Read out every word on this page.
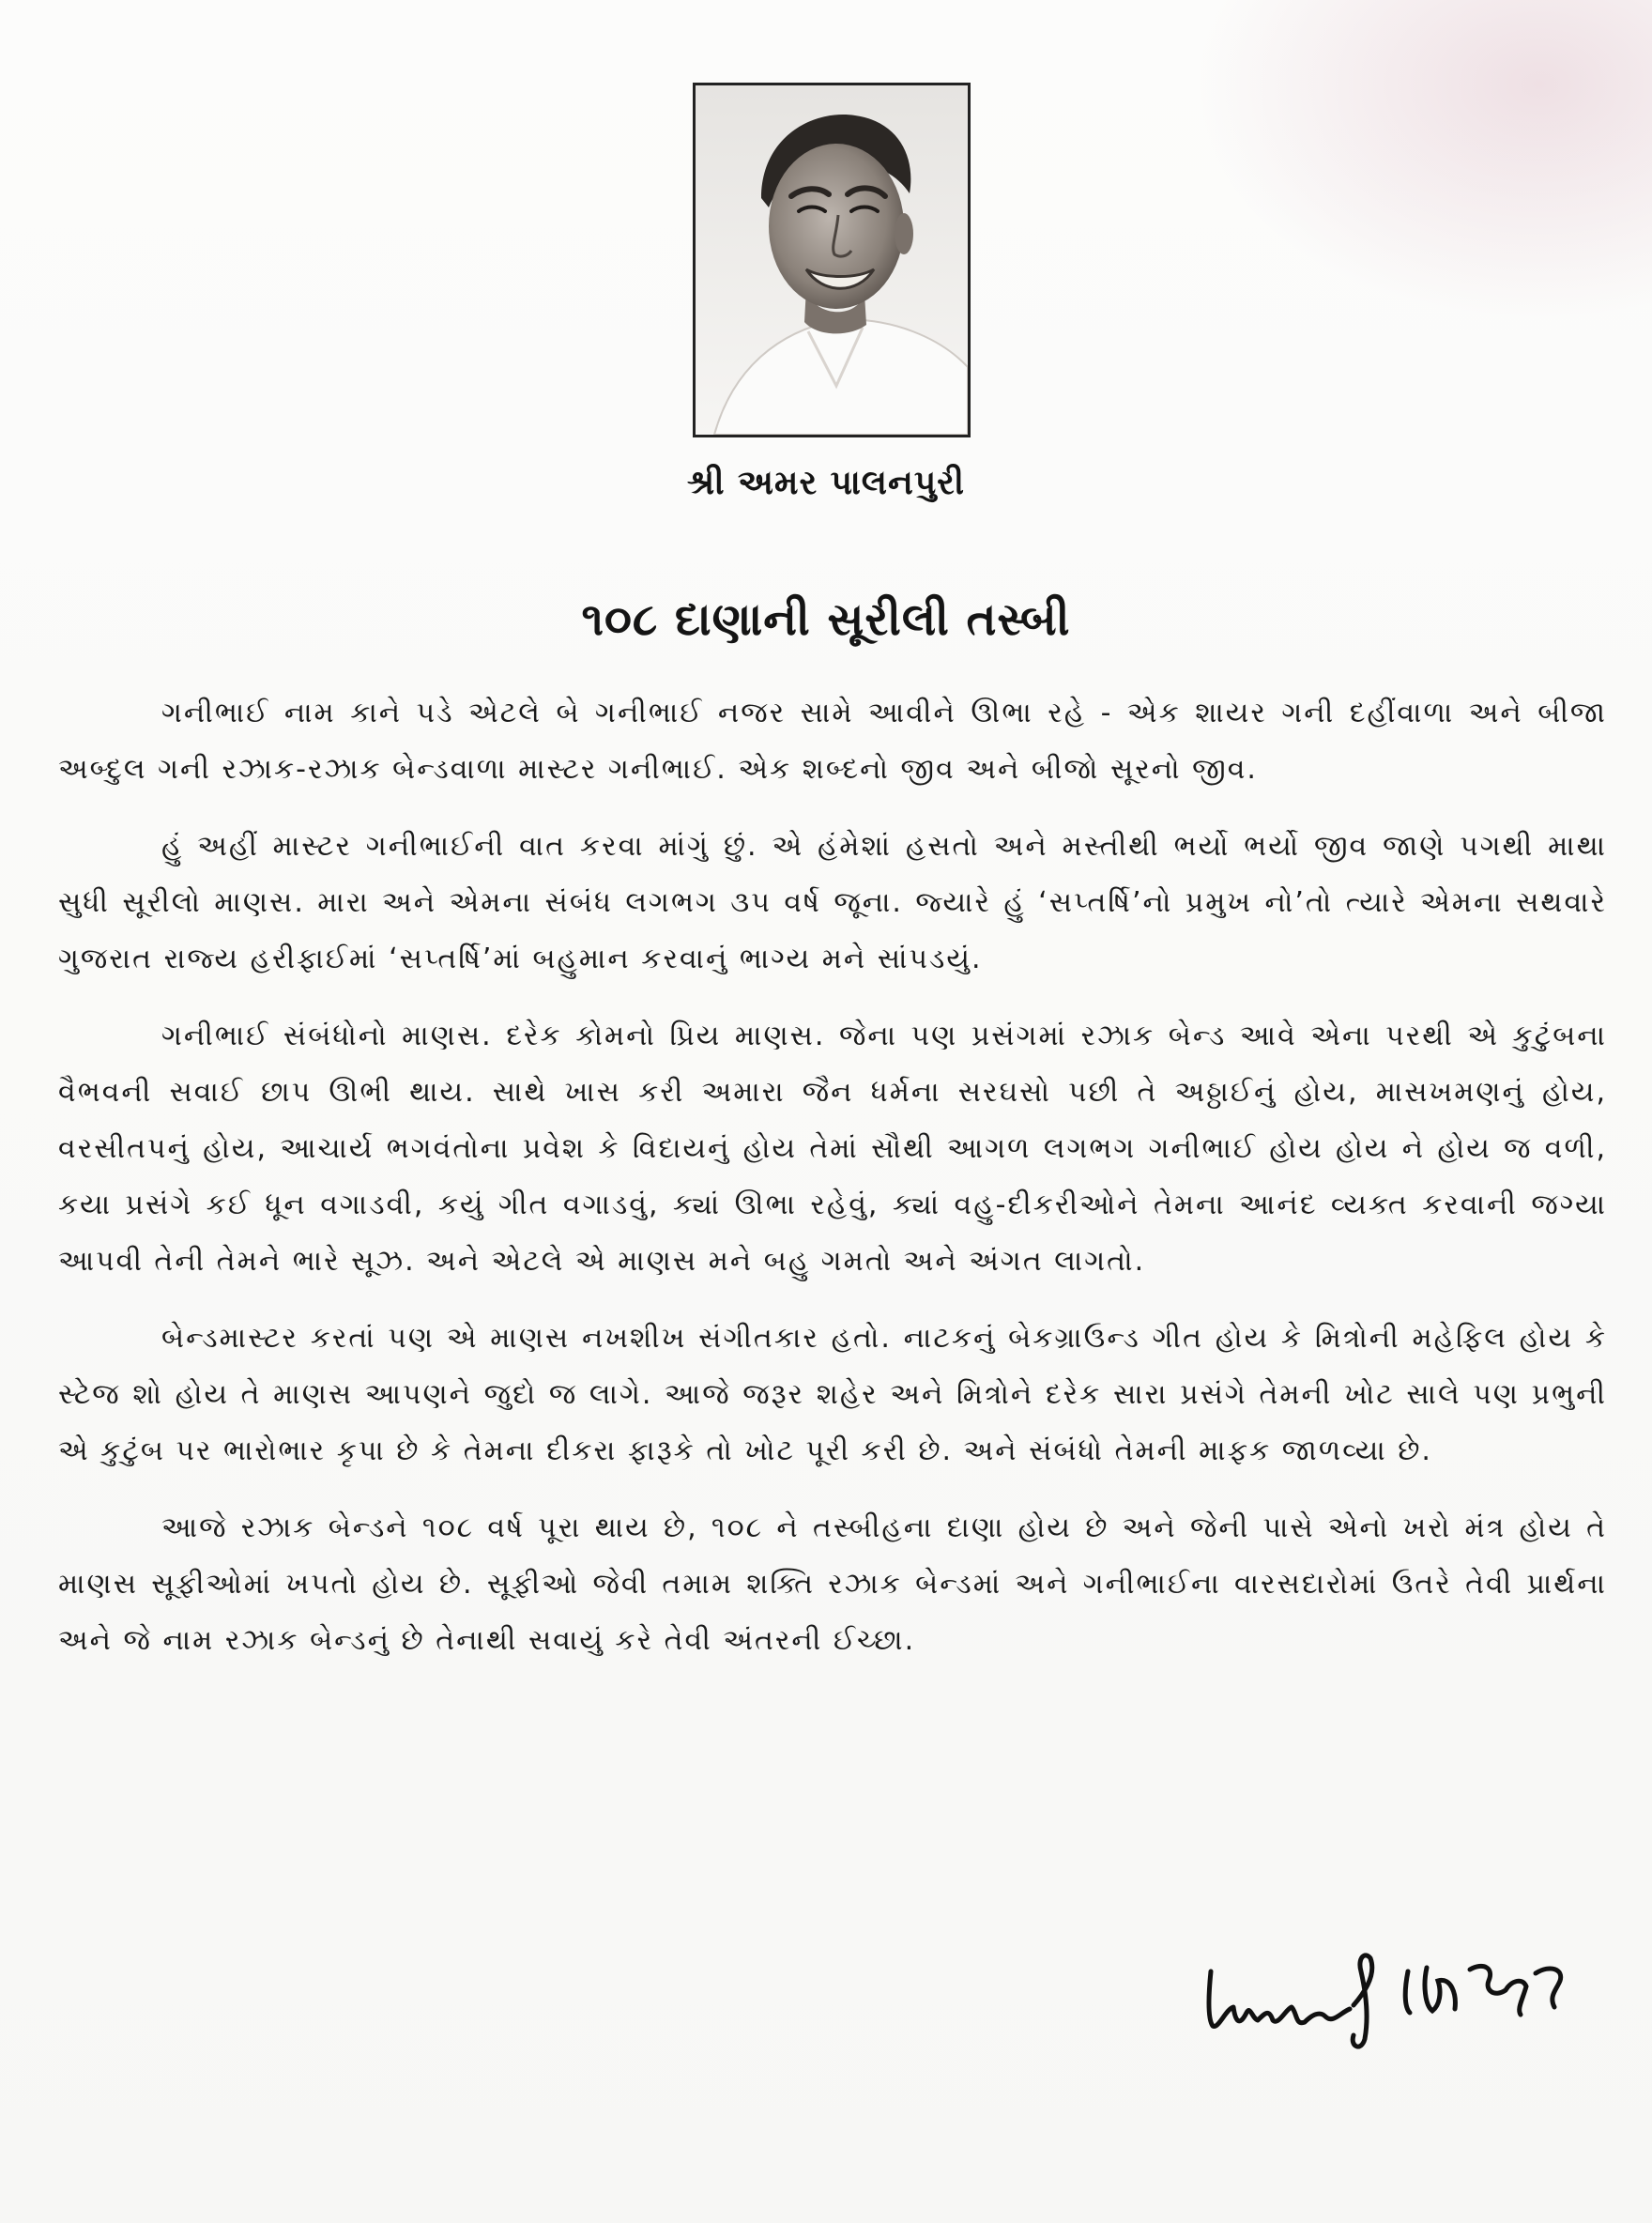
શ્રી અમર પાલનપુરી
૧૦૮ દાણાની સૂરીલી તસ્બી

ગનીભાઈ નામ કાને પડે એટલે બે ગનીભાઈ નજર સામે આવીને ઊભા રહે - એક શાયર ગની દહીંવાળા અને બીજા અબ્દુલ ગની રઝાક-રઝાક બેન્ડવાળા માસ્ટર ગનીભાઈ. એક શબ્દનો જીવ અને બીજો સૂરનો જીવ.

હું અહીં માસ્ટર ગનીભાઈની વાત કરવા માંગું છું. એ હંમેશાં હસતો અને મસ્તીથી ભર્યો ભર્યો જીવ જાણે પગથી માથા સુધી સૂરીલો માણસ. મારા અને એમના સંબંધ લગભગ ૩૫ વર્ષ જૂના. જ્યારે હું ‘સપ્તર્ષિ’નો પ્રમુખ નો’તો ત્યારે એમના સથવારે ગુજરાત રાજ્ય હરીફાઈમાં ‘સપ્તર્ષિ’માં બહુમાન કરવાનું ભાગ્ય મને સાંપડયું.

ગનીભાઈ સંબંધોનો માણસ. દરેક કોમનો પ્રિય માણસ. જેના પણ પ્રસંગમાં રઝાક બેન્ડ આવે એના પરથી એ કુટુંબના વૈભવની સવાઈ છાપ ઊભી થાય. સાથે ખાસ કરી અમારા જૈન ધર્મના સરઘસો પછી તે અઠ્ઠાઈનું હોય, માસખમણનું હોય, વરસીતપનું હોય, આચાર્ય ભગવંતોના પ્રવેશ કે વિદાયનું હોય તેમાં સૌથી આગળ લગભગ ગનીભાઈ હોય હોય ને હોય જ વળી, કયા પ્રસંગે કઈ ધૂન વગાડવી, કયું ગીત વગાડવું, ક્યાં ઊભા રહેવું, ક્યાં વહુ-દીકરીઓને તેમના આનંદ વ્યક્ત કરવાની જગ્યા આપવી તેની તેમને ભારે સૂઝ. અને એટલે એ માણસ મને બહુ ગમતો અને અંગત લાગતો.

બેન્ડમાસ્ટર કરતાં પણ એ માણસ નખશીખ સંગીતકાર હતો. નાટકનું બેકગ્રાઉન્ડ ગીત હોય કે મિત્રોની મહેફિલ હોય કે સ્ટેજ શો હોય તે માણસ આપણને જુદો જ લાગે. આજે જરૂર શહેર અને મિત્રોને દરેક સારા પ્રસંગે તેમની ખોટ સાલે પણ પ્રભુની એ કુટુંબ પર ભારોભાર કૃપા છે કે તેમના દીકરા ફારૂકે તો ખોટ પૂરી કરી છે. અને સંબંધો તેમની માફક જાળવ્યા છે.

આજે રઝાક બેન્ડને ૧૦૮ વર્ષ પૂરા થાય છે, ૧૦૮ ને તસ્બીહના દાણા હોય છે અને જેની પાસે એનો ખરો મંત્ર હોય તે માણસ સૂફીઓમાં ખપતો હોય છે. સૂફીઓ જેવી તમામ શક્તિ રઝાક બેન્ડમાં અને ગનીભાઈના વારસદારોમાં ઉતરે તેવી પ્રાર્થના અને જે નામ રઝાક બેન્ડનું છે તેનાથી સવાયું કરે તેવી અંતરની ઈચ્છા.
